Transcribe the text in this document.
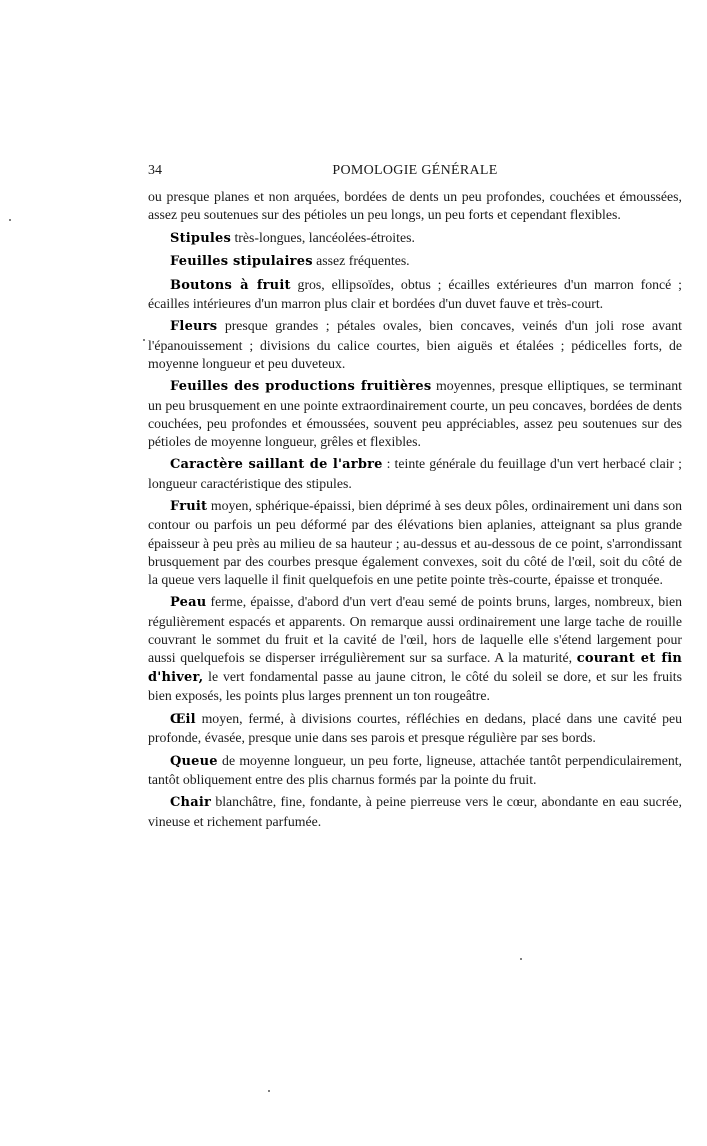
34	POMOLOGIE GÉNÉRALE

ou presque planes et non arquées, bordées de dents un peu profondes, couchées et émoussées, assez peu soutenues sur des pétioles un peu longs, un peu forts et cependant flexibles.

Stipules très-longues, lancéolées-étroites.

Feuilles stipulaires assez fréquentes.

Boutons à fruit gros, ellipsoïdes, obtus ; écailles extérieures d'un marron foncé ; écailles intérieures d'un marron plus clair et bordées d'un duvet fauve et très-court.

Fleurs presque grandes ; pétales ovales, bien concaves, veinés d'un joli rose avant l'épanouissement ; divisions du calice courtes, bien aiguës et étalées ; pédicelles forts, de moyenne longueur et peu duveteux.

Feuilles des productions fruitières moyennes, presque elliptiques, se terminant un peu brusquement en une pointe extraordinairement courte, un peu concaves, bordées de dents couchées, peu profondes et émoussées, souvent peu appréciables, assez peu soutenues sur des pétioles de moyenne longueur, grêles et flexibles.

Caractère saillant de l'arbre : teinte générale du feuillage d'un vert herbacé clair ; longueur caractéristique des stipules.

Fruit moyen, sphérique-épaissi, bien déprimé à ses deux pôles, ordinairement uni dans son contour ou parfois un peu déformé par des élévations bien aplanies, atteignant sa plus grande épaisseur à peu près au milieu de sa hauteur ; au-dessus et au-dessous de ce point, s'arrondissant brusquement par des courbes presque également convexes, soit du côté de l'œil, soit du côté de la queue vers laquelle il finit quelquefois en une petite pointe très-courte, épaisse et tronquée.

Peau ferme, épaisse, d'abord d'un vert d'eau semé de points bruns, larges, nombreux, bien régulièrement espacés et apparents. On remarque aussi ordinairement une large tache de rouille couvrant le sommet du fruit et la cavité de l'œil, hors de laquelle elle s'étend largement pour aussi quelquefois se disperser irrégulièrement sur sa surface. A la maturité, courant et fin d'hiver, le vert fondamental passe au jaune citron, le côté du soleil se dore, et sur les fruits bien exposés, les points plus larges prennent un ton rougeâtre.

Œil moyen, fermé, à divisions courtes, réfléchies en dedans, placé dans une cavité peu profonde, évasée, presque unie dans ses parois et presque régulière par ses bords.

Queue de moyenne longueur, un peu forte, ligneuse, attachée tantôt perpendiculairement, tantôt obliquement entre des plis charnus formés par la pointe du fruit.

Chair blanchâtre, fine, fondante, à peine pierreuse vers le cœur, abondante en eau sucrée, vineuse et richement parfumée.
